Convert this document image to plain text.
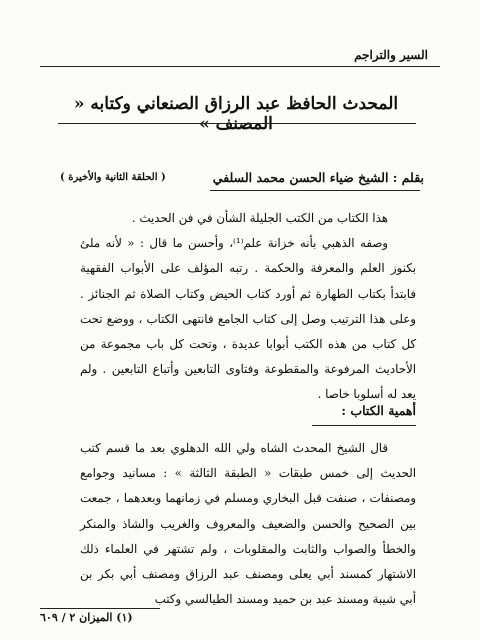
السير والتراجم
المحدث الحافظ عبد الرزاق الصنعاني وكتابه « المصنف »
بقلم : الشيخ ضياء الحسن محمد السلفي
( الحلقة الثانية والأخيرة )

هذا الكتاب من الكتب الجليلة الشأن في فن الحديث .

وصفه الذهبي بأنه خزانة علم⁽¹⁾، وأحسن ما قال : « لأنه ملئ بكنوز العلم والمعرفة والحكمة . رتبه المؤلف على الأبواب الفقهية فابتدأ بكتاب الطهارة ثم أورد كتاب الحيض وكتاب الصلاة ثم الجنائز . وعلى هذا الترتيب وصل إلى كتاب الجامع فانتهى الكتاب ، ووضع تحت كل كتاب من هذه الكتب أبوابا عديدة ، وتحت كل باب مجموعة من الأحاديث المرفوعة والمقطوعة وفتاوى التابعين وأتباع التابعين . ولم يعد له أسلوبا خاصا .

أهمية الكتاب :

قال الشيخ المحدث الشاه ولي الله الدهلوي بعد ما قسم كتب الحديث إلى خمس طبقات « الطبقة الثالثة » : مسانيد وجوامع ومصنفات ، صنفت قبل البخاري ومسلم في زمانهما وبعدهما ، جمعت بين الصحيح والحسن والضعيف والمعروف والغريب والشاذ والمنكر والخطأ والصواب والثابت والمقلوبات ، ولم تشتهر في العلماء ذلك الاشتهار كمسند أبي يعلى ومصنف عبد الرزاق ومصنف أبي بكر بن أبي شيبة ومسند عبد بن حميد ومسند الطيالسي وكتب

(١) الميزان ٢ / ٦٠٩
